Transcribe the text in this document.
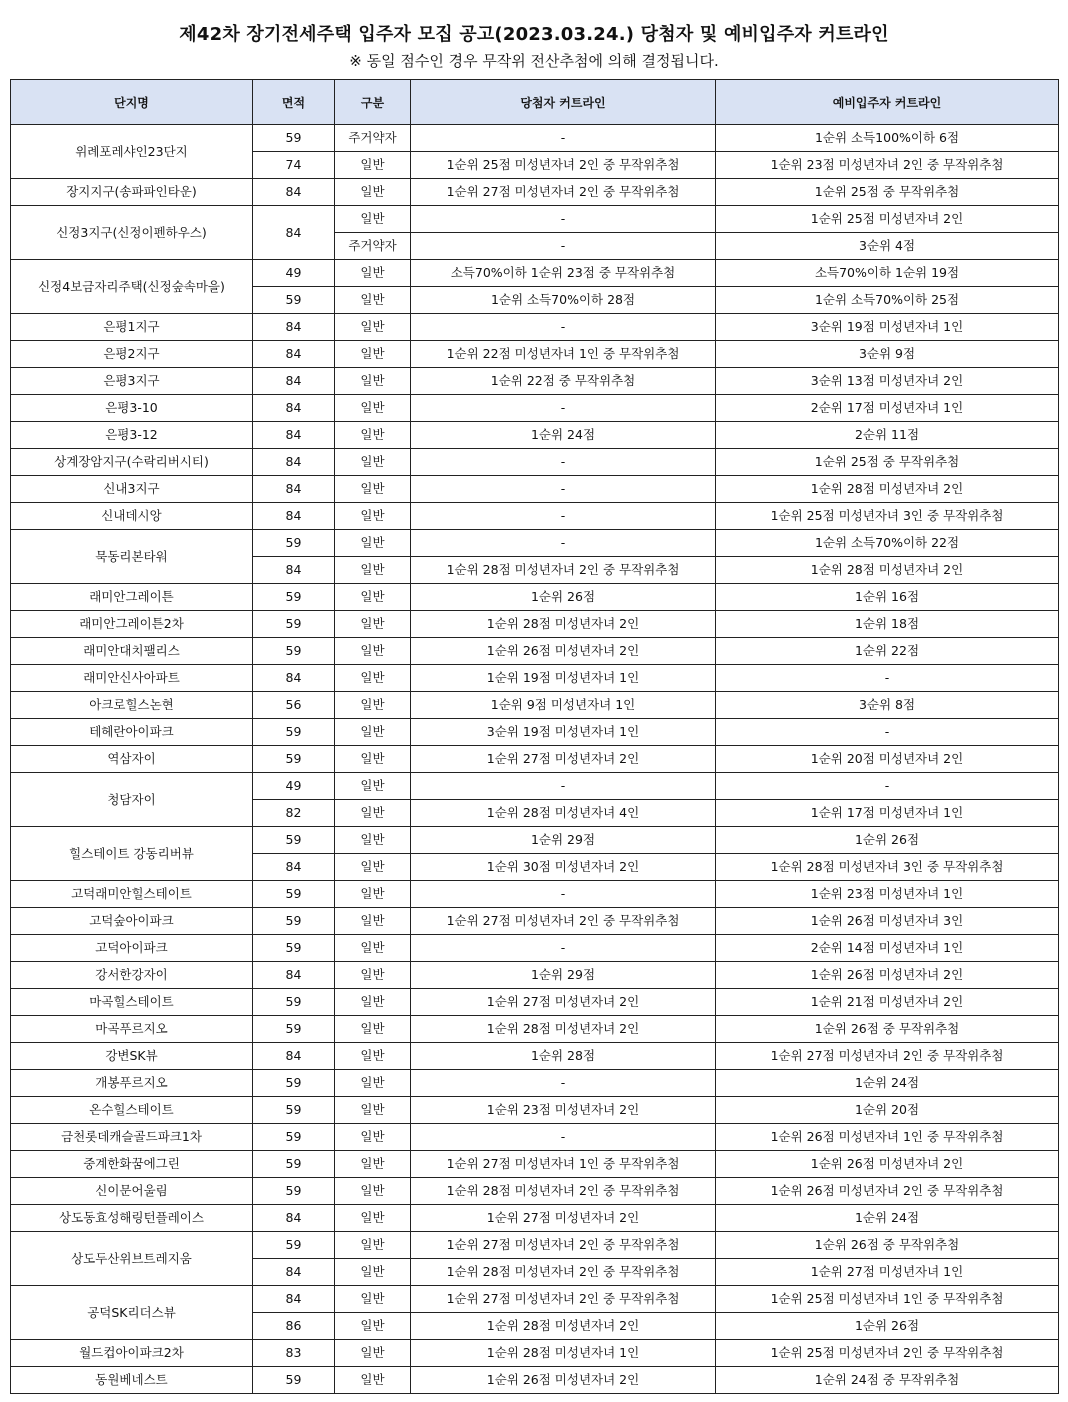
제42차 장기전세주택 입주자 모집 공고(2023.03.24.) 당첨자 및 예비입주자 커트라인
※ 동일 점수인 경우 무작위 전산추첨에 의해 결정됩니다.
단지명	면적	구분	당첨자 커트라인	예비입주자 커트라인
위례포레샤인23단지	59	주거약자	-	1순위 소득100%이하 6점
	74	일반	1순위 25점 미성년자녀 2인 중 무작위추첨	1순위 23점 미성년자녀 2인 중 무작위추첨
장지지구(송파파인타운)	84	일반	1순위 27점 미성년자녀 2인 중 무작위추첨	1순위 25점 중 무작위추첨
신정3지구(신정이펜하우스)	84	일반	-	1순위 25점 미성년자녀 2인
		주거약자	-	3순위 4점
신정4보금자리주택(신정숲속마을)	49	일반	소득70%이하 1순위 23점 중 무작위추첨	소득70%이하 1순위 19점
	59	일반	1순위 소득70%이하 28점	1순위 소득70%이하 25점
은평1지구	84	일반	-	3순위 19점 미성년자녀 1인
은평2지구	84	일반	1순위 22점 미성년자녀 1인 중 무작위추첨	3순위 9점
은평3지구	84	일반	1순위 22점 중 무작위추첨	3순위 13점 미성년자녀 2인
은평3-10	84	일반	-	2순위 17점 미성년자녀 1인
은평3-12	84	일반	1순위 24점	2순위 11점
상계장암지구(수락리버시티)	84	일반	-	1순위 25점 중 무작위추첨
신내3지구	84	일반	-	1순위 28점 미성년자녀 2인
신내데시앙	84	일반	-	1순위 25점 미성년자녀 3인 중 무작위추첨
묵동리본타워	59	일반	-	1순위 소득70%이하 22점
	84	일반	1순위 28점 미성년자녀 2인 중 무작위추첨	1순위 28점 미성년자녀 2인
래미안그레이튼	59	일반	1순위 26점	1순위 16점
래미안그레이튼2차	59	일반	1순위 28점 미성년자녀 2인	1순위 18점
래미안대치팰리스	59	일반	1순위 26점 미성년자녀 2인	1순위 22점
래미안신사아파트	84	일반	1순위 19점 미성년자녀 1인	-
아크로힐스논현	56	일반	1순위 9점 미성년자녀 1인	3순위 8점
테헤란아이파크	59	일반	3순위 19점 미성년자녀 1인	-
역삼자이	59	일반	1순위 27점 미성년자녀 2인	1순위 20점 미성년자녀 2인
청담자이	49	일반	-	-
	82	일반	1순위 28점 미성년자녀 4인	1순위 17점 미성년자녀 1인
힐스테이트 강동리버뷰	59	일반	1순위 29점	1순위 26점
	84	일반	1순위 30점 미성년자녀 2인	1순위 28점 미성년자녀 3인 중 무작위추첨
고덕래미안힐스테이트	59	일반	-	1순위 23점 미성년자녀 1인
고덕숲아이파크	59	일반	1순위 27점 미성년자녀 2인 중 무작위추첨	1순위 26점 미성년자녀 3인
고덕아이파크	59	일반	-	2순위 14점 미성년자녀 1인
강서한강자이	84	일반	1순위 29점	1순위 26점 미성년자녀 2인
마곡힐스테이트	59	일반	1순위 27점 미성년자녀 2인	1순위 21점 미성년자녀 2인
마곡푸르지오	59	일반	1순위 28점 미성년자녀 2인	1순위 26점 중 무작위추첨
강변SK뷰	84	일반	1순위 28점	1순위 27점 미성년자녀 2인 중 무작위추첨
개봉푸르지오	59	일반	-	1순위 24점
온수힐스테이트	59	일반	1순위 23점 미성년자녀 2인	1순위 20점
금천롯데캐슬골드파크1차	59	일반	-	1순위 26점 미성년자녀 1인 중 무작위추첨
중계한화꿈에그린	59	일반	1순위 27점 미성년자녀 1인 중 무작위추첨	1순위 26점 미성년자녀 2인
신이문어울림	59	일반	1순위 28점 미성년자녀 2인 중 무작위추첨	1순위 26점 미성년자녀 2인 중 무작위추첨
상도동효성해링턴플레이스	84	일반	1순위 27점 미성년자녀 2인	1순위 24점
상도두산위브트레지움	59	일반	1순위 27점 미성년자녀 2인 중 무작위추첨	1순위 26점 중 무작위추첨
	84	일반	1순위 28점 미성년자녀 2인 중 무작위추첨	1순위 27점 미성년자녀 1인
공덕SK리더스뷰	84	일반	1순위 27점 미성년자녀 2인 중 무작위추첨	1순위 25점 미성년자녀 1인 중 무작위추첨
	86	일반	1순위 28점 미성년자녀 2인	1순위 26점
월드컵아이파크2차	83	일반	1순위 28점 미성년자녀 1인	1순위 25점 미성년자녀 2인 중 무작위추첨
동원베네스트	59	일반	1순위 26점 미성년자녀 2인	1순위 24점 중 무작위추첨
